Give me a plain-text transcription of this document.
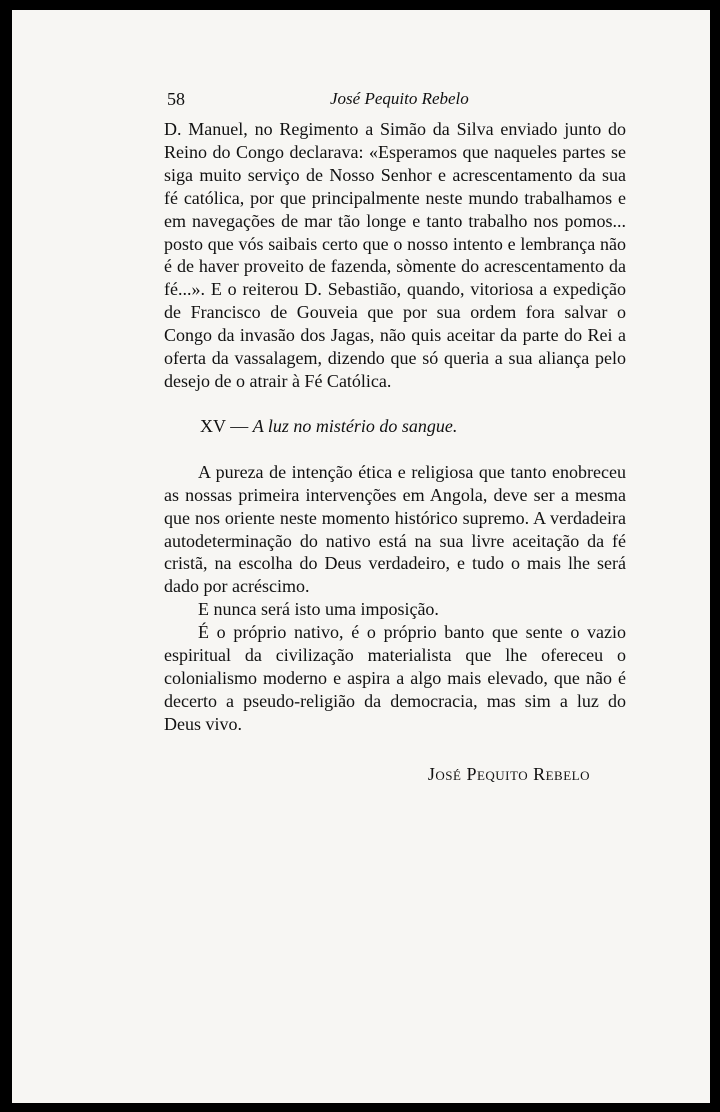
58	José Pequito Rebelo

D. Manuel, no Regimento a Simão da Silva enviado junto do Reino do Congo declarava: «Esperamos que naqueles partes se siga muito serviço de Nosso Senhor e acrescentamento da sua fé católica, por que principalmente neste mundo trabalhamos e em navegações de mar tão longe e tanto trabalho nos pomos... posto que vós saibais certo que o nosso intento e lembrança não é de haver proveito de fazenda, sòmente do acrescentamento da fé...». E o reiterou D. Sebastião, quando, vitoriosa a expedição de Francisco de Gouveia que por sua ordem fora salvar o Congo da invasão dos Jagas, não quis aceitar da parte do Rei a oferta da vassalagem, dizendo que só queria a sua aliança pelo desejo de o atrair à Fé Católica.

XV — A luz no mistério do sangue.

A pureza de intenção ética e religiosa que tanto enobreceu as nossas primeira intervenções em Angola, deve ser a mesma que nos oriente neste momento histórico supremo. A verdadeira autodeterminação do nativo está na sua livre aceitação da fé cristã, na escolha do Deus verdadeiro, e tudo o mais lhe será dado por acréscimo.

E nunca será isto uma imposição.

É o próprio nativo, é o próprio banto que sente o vazio espiritual da civilização materialista que lhe ofereceu o colonialismo moderno e aspira a algo mais elevado, que não é decerto a pseudo-religião da democracia, mas sim a luz do Deus vivo.

José Pequito Rebelo
